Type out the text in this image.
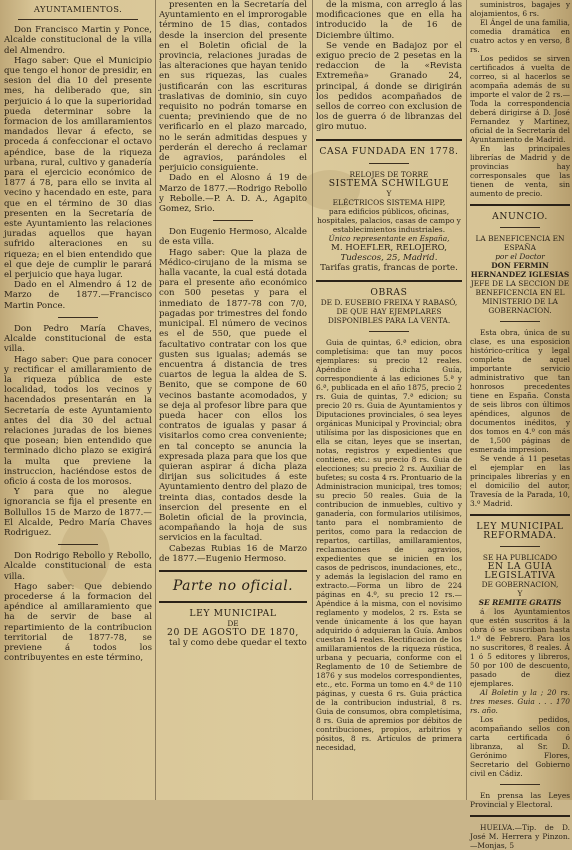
AYUNTAMIENTOS.

Don Francisco Martin y Ponce, Alcalde constitucional de la villa del Almendro.

Hago saber: Que el Municipio que tengo el honor de presidir, en sesion del dia 10 del presente mes, ha deliberado que, sin perjuicio á lo que la superioridad pueda determinar sobre la formacion de los amillaramientos mandados llevar á efecto, se proceda á confeccionar el octavo apéndice, base de la riqueza urbana, rural, cultivo y ganadería para el ejercicio económico de 1877 á 78, para ello se invita al vecino y hacendado en este, para que en el término de 30 dias presenten en la Secretaría de este Ayuntamiento las relaciones juradas aquellos que hayan sufrido alteraciones en su riqueza; en el bien entendido que el que deje de cumplir le parará el perjuicio que haya lugar.

Dado en el Almendro á 12 de Marzo de 1877.—Francisco Martin Ponce.

Don Pedro María Chaves, Alcalde constitucional de esta villa.

Hago saber: Que para conocer y rectificar el amillaramiento de la riqueza pública de este localidad, todos los vecinos y hacendados presentarán en la Secretaría de este Ayuntamiento antes del dia 30 del actual relaciones juradas de los bienes que posean; bien entendido que terminado dicho plazo se exigirá la multa que previene la instruccion, haciéndose estos de oficio á costa de los morosos.

Y para que no alegue ignorancia se fija el presente en Bollullos 15 de Marzo de 1877.—El Alcalde, Pedro María Chaves Rodriguez.

Don Rodrigo Rebollo y Rebollo, Alcalde constitucional de esta villa.

Hago saber: Que debiendo procederse á la formacion del apéndice al amillaramiento que ha de servir de base al repartimiento de la contribucion territorial de 1877-78, se previene á todos los contribuyentes en este término,

presenten en la Secretaría del Ayuntamiento en el improrogable término de 15 dias, contados desde la insercion del presente en el Boletin oficial de la provincia, relaciones juradas de las alteraciones que hayan tenido en sus riquezas, las cuales justificarán con las escrituras traslativas de dominio, sin cuyo requisito no podrán tomarse en cuenta; previniendo que de no verificarlo en el plazo marcado, no le serán admitidas despues y perderán el derecho á reclamar de agravios, parándoles el perjuicio consiguiente.

Dado en el Alosno á 19 de Marzo de 1877.—Rodrigo Rebollo y Rebolle.—P. A. D. A., Agapito Gomez, Srio.

Don Eugenio Hermoso, Alcalde de esta villa.

Hago saber: Que la plaza de Médico-cirujano de la misma se halla vacante, la cual está dotada para el presente año económico con 500 pesetas y para el inmediato de 1877-78 con 7/0, pagadas por trimestres del fondo municipal. El número de vecinos es el de 550, que puede el facultativo contratar con los que gusten sus igualas; además se encuentra á distancia de tres cuartos de legua la aldea de S. Benito, que se compone de 60 vecinos bastante acomodados, y se deja al profesor libre para que pueda hacer con ellos los contratos de igualas y pasar á visitarlos como crea conveniente; en tal concepto se anuncia la expresada plaza para que los que quieran aspirar á dicha plaza dirijan sus solicitudes á este Ayuntamiento dentro del plazo de treinta dias, contados desde la insercion del presente en el Boletin oficial de la provincia, acompañando la hoja de sus servicios en la facultad.

Cabezas Rubias 16 de Marzo de 1877.—Eugenio Hermoso.

Parte no oficial.

LEY MUNICIPAL

DE

20 DE AGOSTO DE 1870,

tal y como debe quedar el texto

de la misma, con arreglo á las modificaciones que en ella ha introducido la de 16 de Diciembre último.

Se vende en Badajoz por el exiguo precio de 2 pesetas en la redaccion de la «Revista Extremeña» Granado 24, principal, á donde se dirigirán los pedidos acompañados de sellos de correo con exclusion de los de guerra ó de libranzas del giro mutuo.

CASA FUNDADA EN 1778.

RELOJES DE TORRE

SISTEMA SCHWILGUE

Y

ELÉCTRICOS SISTEMA HIPP,

para edificios públicos, oficinas, hospitales, palacios, casas de campo y establecimientos industriales.

Único representante en España,

M. HOEFLER, RELOJERO,

Tudescos, 25, Madrid.

Tarifas gratis, francas de porte.

OBRAS

DE D. EUSEBIO FREIXA Y RABASÓ, DE QUE HAY EJEMPLARES DISPONIBLES PARA LA VENTA.

Guia de quintas, 6.ª edicion, obra completísima: que tan muy pocos ejemplares: su precio 12 reales. Apéndice á dicha Guía, correspondiente á las ediciones 5.ª y 6.ª, publicada en el año 1875, precio 2 rs. Guia de quintas, 7.ª edicion; su precio 20 rs. Guia de Ayuntamientos y Diputaciones provinciales, ó sea leyes orgánicas Municipal y Provincial; obra utilísima por las disposiciones que en ella se citan, leyes que se insertan, notas, registros y expedientes que contiene, etc.: su precio 8 rs. Guia de elecciones; su precio 2 rs. Auxiliar de bufetes; su costa 4 rs. Prontuario de la Administracion municipal, tres tomos; su precio 50 reales. Guia de la contribucion de inmuebles, cultivo y ganadería, con formularios utilísimos, tanto para el nombramiento de peritos, como para la redaccion de repartos, cartillas, amillaramientos, reclamaciones de agravios, expedientes que se inicien en los casos de pedriscos, inundaciones, etc., y además la legislacion del ramo en extracto.—Forma un libro de 224 páginas en 4.º, su precio 12 rs.—Apéndice á la misma, con el novísimo reglamento y modelos, 2 rs. Esta se vende únicamente á los que hayan adquirido ó adquieran la Guía. Ambos cuestan 14 reales. Rectificacion de los amillaramientos de la riqueza rústica, urbana y pecuaria, conforme con el Reglamento de 10 de Setiembre de 1876 y sus modelos correspondientes, etc., etc. Forma un tomo en 4.º de 110 páginas, y cuesta 6 rs. Guia práctica de la contribucion industrial, 8 rs. Guia de consumos, obra completísima, 8 rs. Guia de apremios por débitos de contribuciones, propios, arbitrios y pósitos, 8 rs. Artículos de primera necesidad,

suministros, bagajes y alojamientos, 6 rs.

El Ángel de una familia, comedia dramática en cuatro actos y en verso, 8 rs.

Los pedidos se sirven certificados á vuelta de correo, si al hacerlos se acompaña además de su importe el valor de 2 rs.—Toda la correspondencia deberá dirigirse á D. José Fernandez y Martinez, oficial de la Secretaría del Ayuntamiento de Madrid.

En las principales librerías de Madrid y de provincias hay corresponsales que las tienen de venta, sin aumento de precio.

ANUNCIO.

LA BENEFICENCIA EN ESPAÑA

por el Doctor

DON FERMIN HERNANDEZ IGLESIAS

JEFE DE LA SECCION DE BENEFICENCIA EN EL MINISTERIO DE LA GOBERNACION.

Esta obra, única de su clase, es una esposicion histórico-crítica y legal completa de aquel importante servicio administrativo que tan honrosos precedentes tiene en España. Consta de seis libros con últimos apéndices, algunos de documentos inéditos, y dos tomos en 4.º con más de 1,500 páginas de esmerada impresion.

Se vende á 11 pesetas el ejemplar en las principales librerías y en el domicilio del autor, Travesía de la Parada, 10, 3.º Madrid.

LEY MUNICIPAL REFORMADA.

SE HA PUBLICADO

EN LA GUIA LEGISLATIVA

DE GOBERNACION,

Y

SE REMITE GRATIS

á los Ayuntamientos que estén suscritos á la obra ó se suscriban hasta 1.º de Febrero. Para los no suscritores, 8 reales. Á 1 ó 5 editores y libreros, 50 por 100 de descuento, pasado de diez ejemplares.

Al Boletin y la ; 20 rs. tres meses. Guia . . . 170 rs. año.

Los pedidos, acompañando sellos con carta certificada ó libranza, al Sr. D. Gerónimo Flores, Secretario del Gobierno civil en Cádiz.

En prensa las Leyes Provincial y Electoral.

HUELVA.—Tip. de D. José M. Herrera y Pinzon.—Monjas, 5
